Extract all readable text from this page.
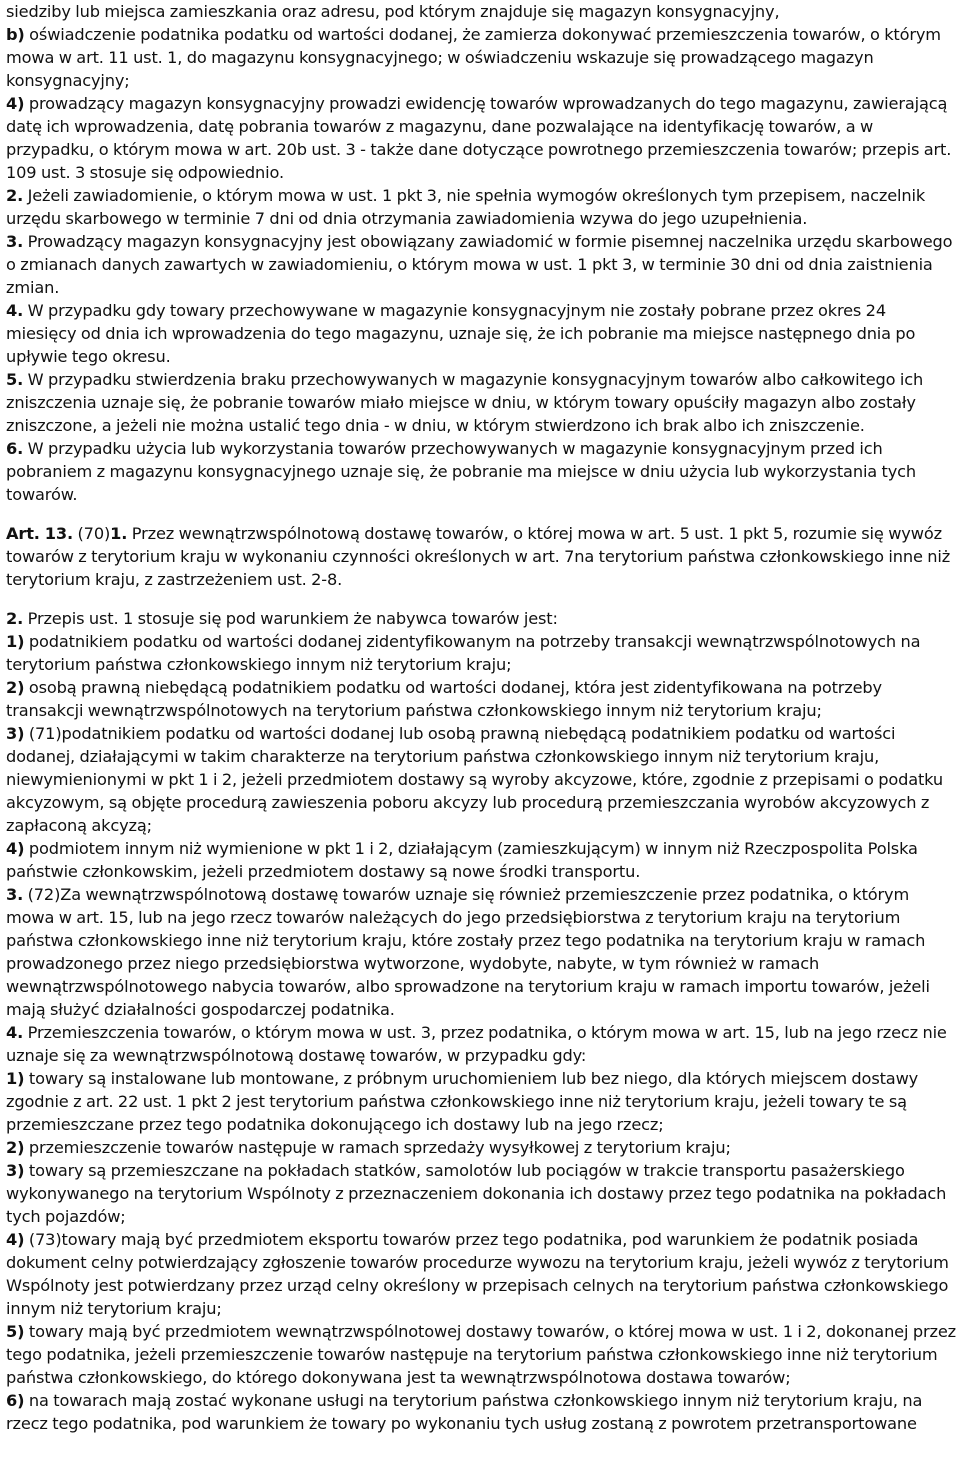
siedziby lub miejsca zamieszkania oraz adresu, pod którym znajduje się magazyn konsygnacyjny,

b) oświadczenie podatnika podatku od wartości dodanej, że zamierza dokonywać przemieszczenia towarów, o którym mowa w art. 11 ust. 1, do magazynu konsygnacyjnego; w oświadczeniu wskazuje się prowadzącego magazyn konsygnacyjny;

4) prowadzący magazyn konsygnacyjny prowadzi ewidencję towarów wprowadzanych do tego magazynu, zawierającą datę ich wprowadzenia, datę pobrania towarów z magazynu, dane pozwalające na identyfikację towarów, a w przypadku, o którym mowa w art. 20b ust. 3 - także dane dotyczące powrotnego przemieszczenia towarów; przepis art. 109 ust. 3 stosuje się odpowiednio.

2. Jeżeli zawiadomienie, o którym mowa w ust. 1 pkt 3, nie spełnia wymogów określonych tym przepisem, naczelnik urzędu skarbowego w terminie 7 dni od dnia otrzymania zawiadomienia wzywa do jego uzupełnienia.

3. Prowadzący magazyn konsygnacyjny jest obowiązany zawiadomić w formie pisemnej naczelnika urzędu skarbowego o zmianach danych zawartych w zawiadomieniu, o którym mowa w ust. 1 pkt 3, w terminie 30 dni od dnia zaistnienia zmian.

4. W przypadku gdy towary przechowywane w magazynie konsygnacyjnym nie zostały pobrane przez okres 24 miesięcy od dnia ich wprowadzenia do tego magazynu, uznaje się, że ich pobranie ma miejsce następnego dnia po upływie tego okresu.

5. W przypadku stwierdzenia braku przechowywanych w magazynie konsygnacyjnym towarów albo całkowitego ich zniszczenia uznaje się, że pobranie towarów miało miejsce w dniu, w którym towary opuściły magazyn albo zostały zniszczone, a jeżeli nie można ustalić tego dnia - w dniu, w którym stwierdzono ich brak albo ich zniszczenie.

6. W przypadku użycia lub wykorzystania towarów przechowywanych w magazynie konsygnacyjnym przed ich pobraniem z magazynu konsygnacyjnego uznaje się, że pobranie ma miejsce w dniu użycia lub wykorzystania tych towarów.

Art. 13. (70)1. Przez wewnątrzwspólnotową dostawę towarów, o której mowa w art. 5 ust. 1 pkt 5, rozumie się wywóz towarów z terytorium kraju w wykonaniu czynności określonych w art. 7na terytorium państwa członkowskiego inne niż terytorium kraju, z zastrzeżeniem ust. 2-8.

2. Przepis ust. 1 stosuje się pod warunkiem że nabywca towarów jest:

1) podatnikiem podatku od wartości dodanej zidentyfikowanym na potrzeby transakcji wewnątrzwspólnotowych na terytorium państwa członkowskiego innym niż terytorium kraju;

2) osobą prawną niebędącą podatnikiem podatku od wartości dodanej, która jest zidentyfikowana na potrzeby transakcji wewnątrzwspólnotowych na terytorium państwa członkowskiego innym niż terytorium kraju;

3) (71)podatnikiem podatku od wartości dodanej lub osobą prawną niebędącą podatnikiem podatku od wartości dodanej, działającymi w takim charakterze na terytorium państwa członkowskiego innym niż terytorium kraju, niewymienionymi w pkt 1 i 2, jeżeli przedmiotem dostawy są wyroby akcyzowe, które, zgodnie z przepisami o podatku akcyzowym, są objęte procedurą zawieszenia poboru akcyzy lub procedurą przemieszczania wyrobów akcyzowych z zapłaconą akcyzą;

4) podmiotem innym niż wymienione w pkt 1 i 2, działającym (zamieszkującym) w innym niż Rzeczpospolita Polska państwie członkowskim, jeżeli przedmiotem dostawy są nowe środki transportu.

3. (72)Za wewnątrzwspólnotową dostawę towarów uznaje się również przemieszczenie przez podatnika, o którym mowa w art. 15, lub na jego rzecz towarów należących do jego przedsiębiorstwa z terytorium kraju na terytorium państwa członkowskiego inne niż terytorium kraju, które zostały przez tego podatnika na terytorium kraju w ramach prowadzonego przez niego przedsiębiorstwa wytworzone, wydobyte, nabyte, w tym również w ramach wewnątrzwspólnotowego nabycia towarów, albo sprowadzone na terytorium kraju w ramach importu towarów, jeżeli mają służyć działalności gospodarczej podatnika.

4. Przemieszczenia towarów, o którym mowa w ust. 3, przez podatnika, o którym mowa w art. 15, lub na jego rzecz nie uznaje się za wewnątrzwspólnotową dostawę towarów, w przypadku gdy:

1) towary są instalowane lub montowane, z próbnym uruchomieniem lub bez niego, dla których miejscem dostawy zgodnie z art. 22 ust. 1 pkt 2 jest terytorium państwa członkowskiego inne niż terytorium kraju, jeżeli towary te są przemieszczane przez tego podatnika dokonującego ich dostawy lub na jego rzecz;

2) przemieszczenie towarów następuje w ramach sprzedaży wysyłkowej z terytorium kraju;

3) towary są przemieszczane na pokładach statków, samolotów lub pociągów w trakcie transportu pasażerskiego wykonywanego na terytorium Wspólnoty z przeznaczeniem dokonania ich dostawy przez tego podatnika na pokładach tych pojazdów;

4) (73)towary mają być przedmiotem eksportu towarów przez tego podatnika, pod warunkiem że podatnik posiada dokument celny potwierdzający zgłoszenie towarów procedurze wywozu na terytorium kraju, jeżeli wywóz z terytorium Wspólnoty jest potwierdzany przez urząd celny określony w przepisach celnych na terytorium państwa członkowskiego innym niż terytorium kraju;

5) towary mają być przedmiotem wewnątrzwspólnotowej dostawy towarów, o której mowa w ust. 1 i 2, dokonanej przez tego podatnika, jeżeli przemieszczenie towarów następuje na terytorium państwa członkowskiego inne niż terytorium państwa członkowskiego, do którego dokonywana jest ta wewnątrzwspólnotowa dostawa towarów;

6) na towarach mają zostać wykonane usługi na terytorium państwa członkowskiego innym niż terytorium kraju, na rzecz tego podatnika, pod warunkiem że towary po wykonaniu tych usług zostaną z powrotem przetransportowane
